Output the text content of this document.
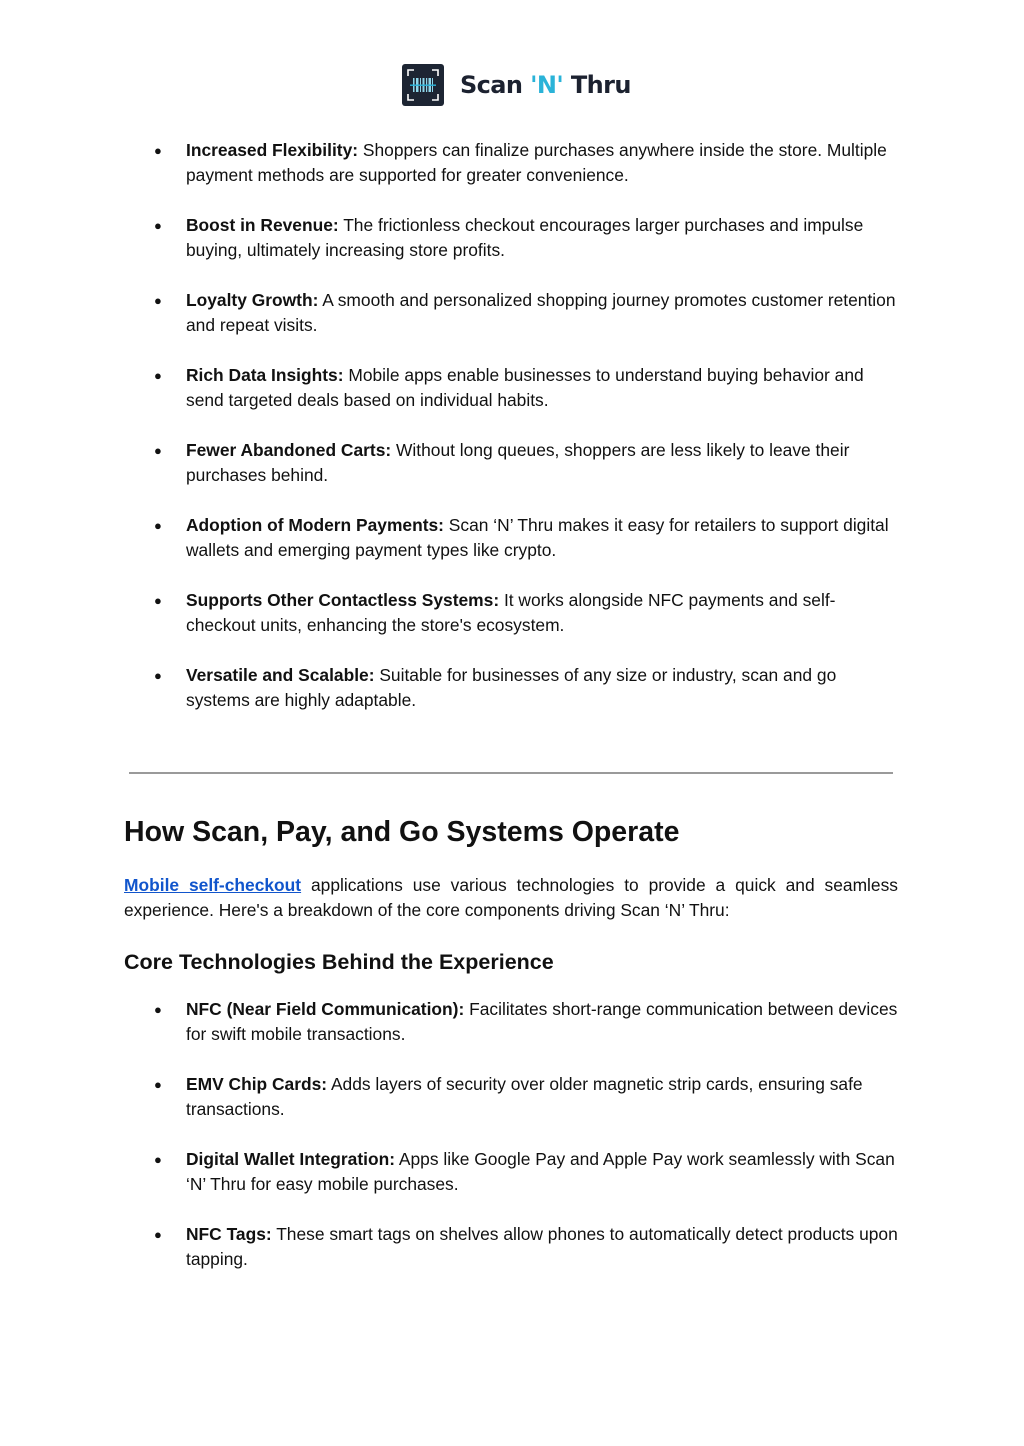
Scan 'N' Thru
● Increased Flexibility: Shoppers can finalize purchases anywhere inside the store. Multiple payment methods are supported for greater convenience.
● Boost in Revenue: The frictionless checkout encourages larger purchases and impulse buying, ultimately increasing store profits.
● Loyalty Growth: A smooth and personalized shopping journey promotes customer retention and repeat visits.
● Rich Data Insights: Mobile apps enable businesses to understand buying behavior and send targeted deals based on individual habits.
● Fewer Abandoned Carts: Without long queues, shoppers are less likely to leave their purchases behind.
● Adoption of Modern Payments: Scan ‘N’ Thru makes it easy for retailers to support digital wallets and emerging payment types like crypto.
● Supports Other Contactless Systems: It works alongside NFC payments and self-checkout units, enhancing the store's ecosystem.
● Versatile and Scalable: Suitable for businesses of any size or industry, scan and go systems are highly adaptable.
How Scan, Pay, and Go Systems Operate

Mobile self-checkout applications use various technologies to provide a quick and seamless experience. Here's a breakdown of the core components driving Scan ‘N’ Thru:

Core Technologies Behind the Experience
● NFC (Near Field Communication): Facilitates short-range communication between devices for swift mobile transactions.
● EMV Chip Cards: Adds layers of security over older magnetic strip cards, ensuring safe transactions.
● Digital Wallet Integration: Apps like Google Pay and Apple Pay work seamlessly with Scan ‘N’ Thru for easy mobile purchases.
● NFC Tags: These smart tags on shelves allow phones to automatically detect products upon tapping.
